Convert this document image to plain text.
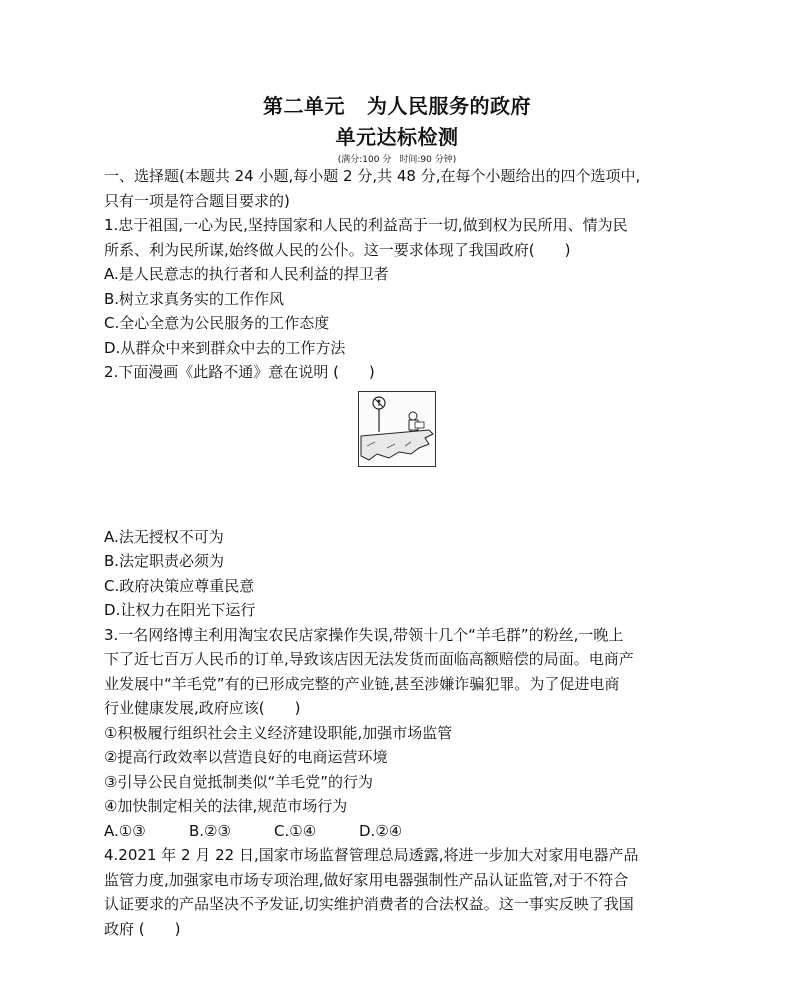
第二单元 为人民服务的政府
单元达标检测
(满分:100 分 时间:90 分钟)
一、选择题(本题共 24 小题,每小题 2 分,共 48 分,在每个小题给出的四个选项中,
只有一项是符合题目要求的)
1.忠于祖国,一心为民,坚持国家和人民的利益高于一切,做到权为民所用、情为民
所系、利为民所谋,始终做人民的公仆。这一要求体现了我国政府(　　)
A.是人民意志的执行者和人民利益的捍卫者
B.树立求真务实的工作作风
C.全心全意为公民服务的工作态度
D.从群众中来到群众中去的工作方法
2.下面漫画《此路不通》意在说明 (　　)
A.法无授权不可为
B.法定职责必须为
C.政府决策应尊重民意
D.让权力在阳光下运行
3.一名网络博主利用淘宝农民店家操作失误,带领十几个“羊毛群”的粉丝,一晚上
下了近七百万人民币的订单,导致该店因无法发货而面临高额赔偿的局面。电商产
业发展中“羊毛党”有的已形成完整的产业链,甚至涉嫌诈骗犯罪。为了促进电商
行业健康发展,政府应该(　　)
①积极履行组织社会主义经济建设职能,加强市场监管
②提高行政效率以营造良好的电商运营环境
③引导公民自觉抵制类似“羊毛党”的行为
④加快制定相关的法律,规范市场行为
A.①③	B.②③	C.①④	D.②④
4.2021 年 2 月 22 日,国家市场监督管理总局透露,将进一步加大对家用电器产品
监管力度,加强家电市场专项治理,做好家用电器强制性产品认证监管,对于不符合
认证要求的产品坚决不予发证,切实维护消费者的合法权益。这一事实反映了我国
政府 (　　)
